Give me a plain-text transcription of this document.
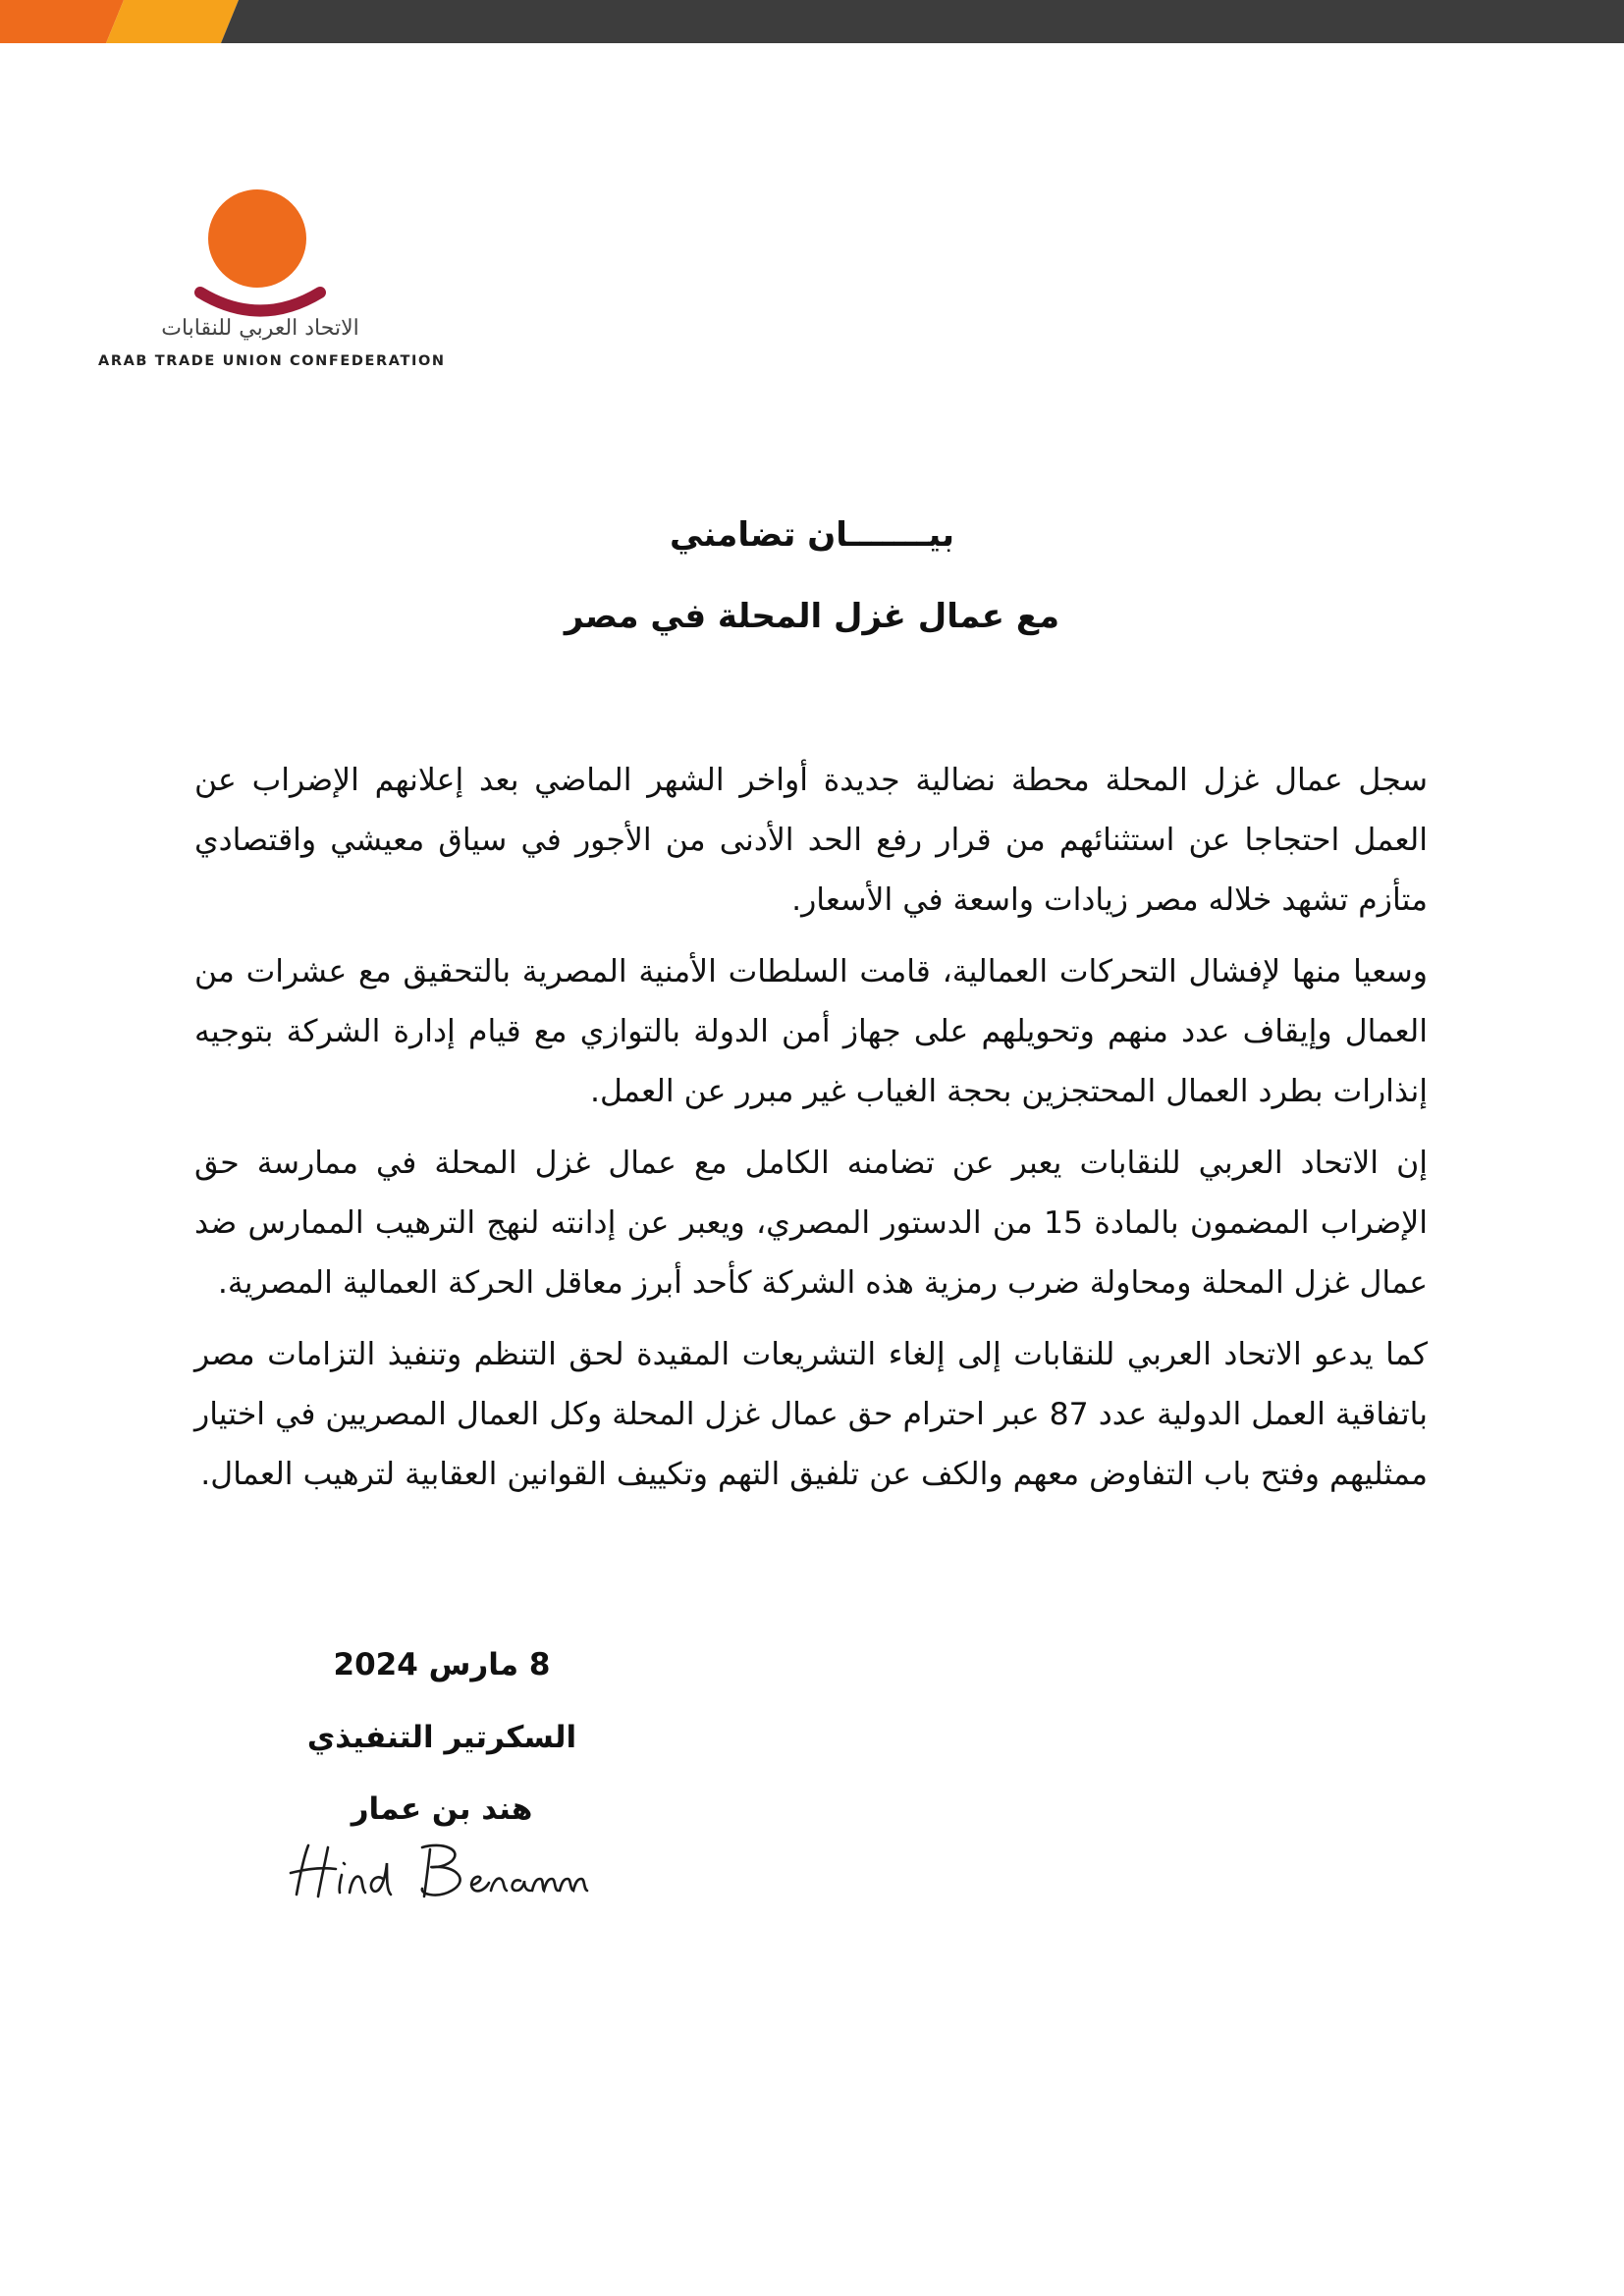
الاتحاد العربي للنقابات
ARAB TRADE UNION CONFEDERATION
بيـــــــان تضامني
مع عمال غزل المحلة في مصر

سجل عمال غزل المحلة محطة نضالية جديدة أواخر الشهر الماضي بعد إعلانهم الإضراب عن العمل احتجاجا عن استثنائهم من قرار رفع الحد الأدنى من الأجور في سياق معيشي واقتصادي متأزم تشهد خلاله مصر زيادات واسعة في الأسعار.

وسعيا منها لإفشال التحركات العمالية، قامت السلطات الأمنية المصرية بالتحقيق مع عشرات من العمال وإيقاف عدد منهم وتحويلهم على جهاز أمن الدولة بالتوازي مع قيام إدارة الشركة بتوجيه إنذارات بطرد العمال المحتجزين بحجة الغياب غير مبرر عن العمل.

إن الاتحاد العربي للنقابات يعبر عن تضامنه الكامل مع عمال غزل المحلة في ممارسة حق الإضراب المضمون بالمادة 15 من الدستور المصري، ويعبر عن إدانته لنهج الترهيب الممارس ضد عمال غزل المحلة ومحاولة ضرب رمزية هذه الشركة كأحد أبرز معاقل الحركة العمالية المصرية.

كما يدعو الاتحاد العربي للنقابات إلى إلغاء التشريعات المقيدة لحق التنظم وتنفيذ التزامات مصر باتفاقية العمل الدولية عدد 87 عبر احترام حق عمال غزل المحلة وكل العمال المصريين في اختيار ممثليهم وفتح باب التفاوض معهم والكف عن تلفيق التهم وتكييف القوانين العقابية لترهيب العمال.

8 مارس 2024
السكرتير التنفيذي
هند بن عمار
